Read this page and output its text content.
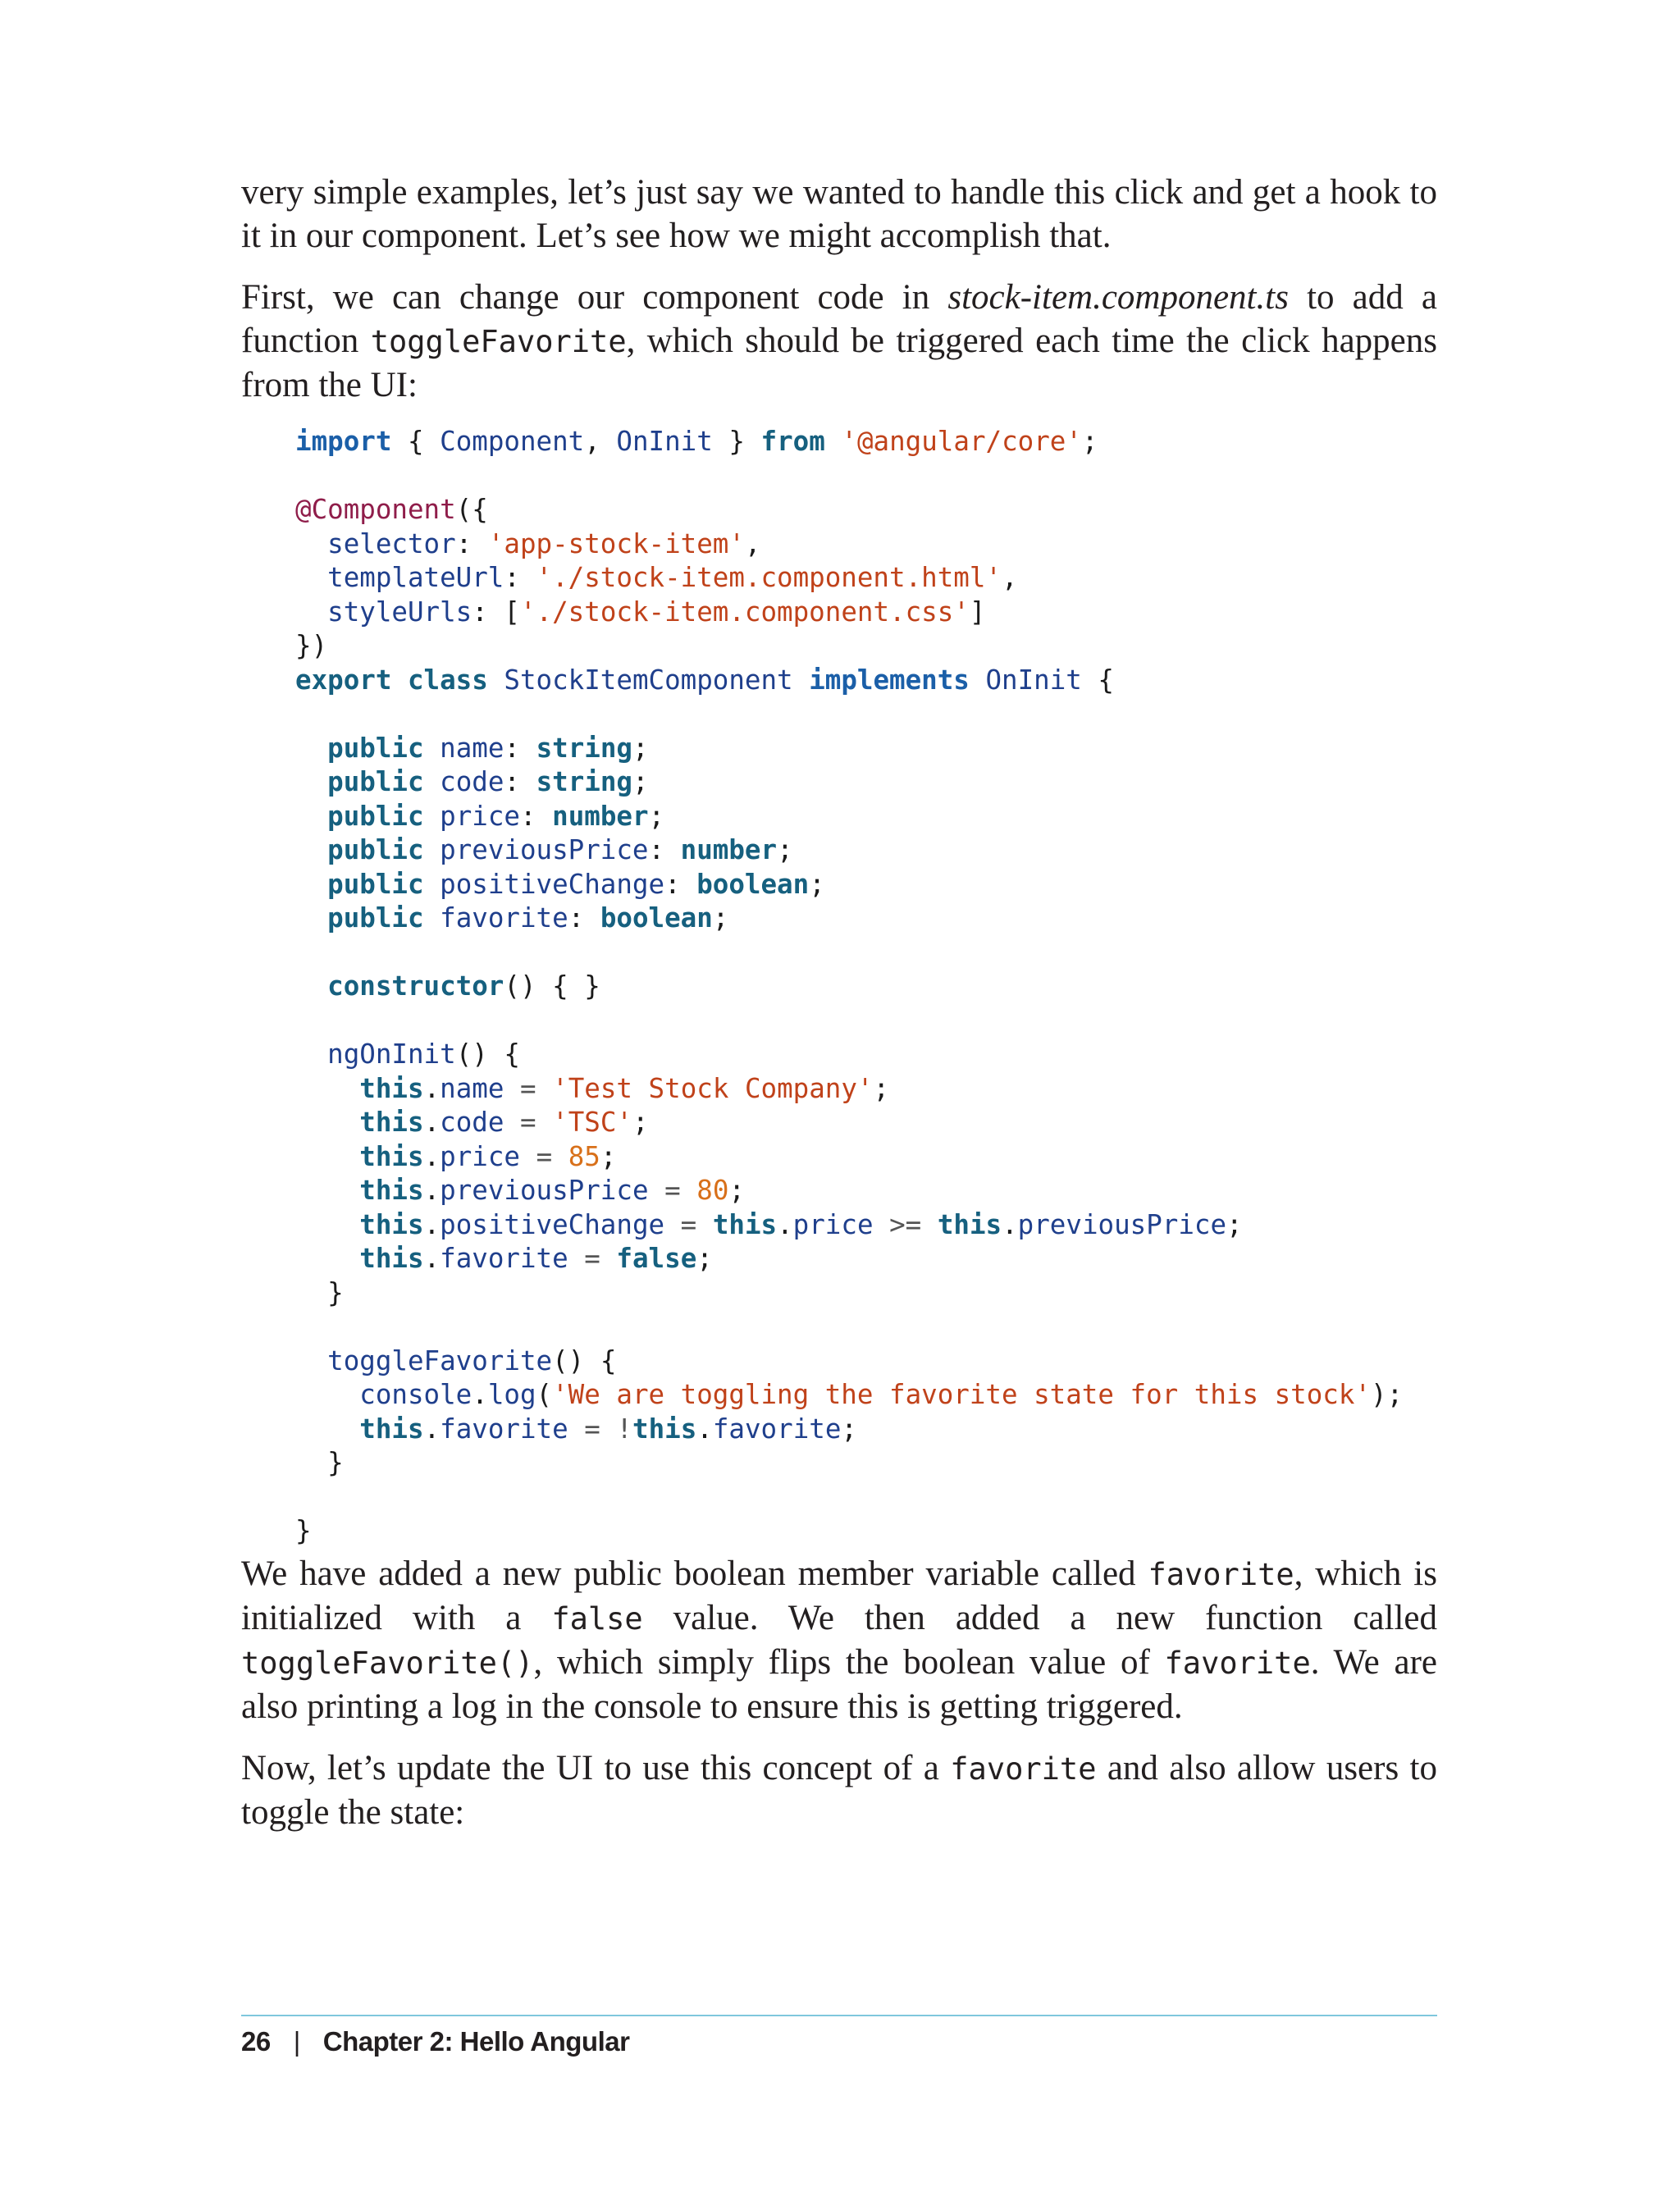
very simple examples, let’s just say we wanted to handle this click and get a hook to it in our component. Let’s see how we might accomplish that.

First, we can change our component code in stock-item.component.ts to add a function toggleFavorite, which should be triggered each time the click happens from the UI:

import { Component, OnInit } from '@angular/core';

@Component({
selector: 'app-stock-item',
templateUrl: './stock-item.component.html',
styleUrls: ['./stock-item.component.css']
})
export class StockItemComponent implements OnInit {

public name: string;
public code: string;
public price: number;
public previousPrice: number;
public positiveChange: boolean;
public favorite: boolean;

constructor() { }

ngOnInit() {
this.name = 'Test Stock Company';
this.code = 'TSC';
this.price = 85;
this.previousPrice = 80;
this.positiveChange = this.price >= this.previousPrice;
this.favorite = false;
}

toggleFavorite() {
console.log('We are toggling the favorite state for this stock');
this.favorite = !this.favorite;
}

}

We have added a new public boolean member variable called favorite, which is initialized with a false value. We then added a new function called toggleFavorite(), which simply flips the boolean value of favorite. We are also printing a log in the console to ensure this is getting triggered.

Now, let’s update the UI to use this concept of a favorite and also allow users to toggle the state:

26 | Chapter 2: Hello Angular
